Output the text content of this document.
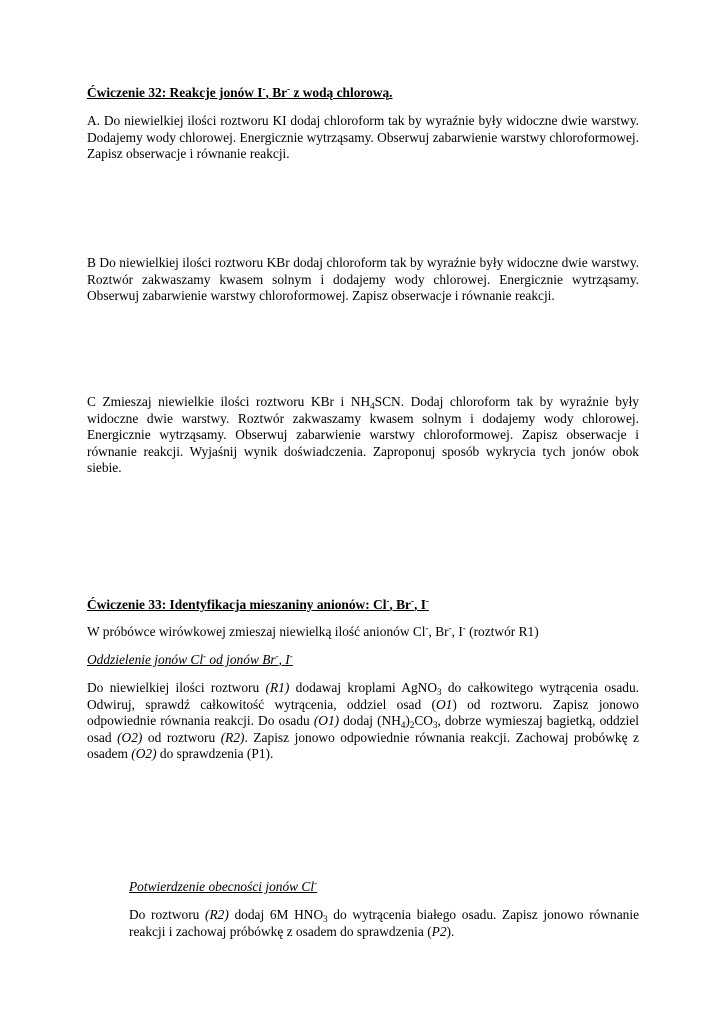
Ćwiczenie 32: Reakcje jonów I-, Br- z wodą chlorową.

A. Do niewielkiej ilości roztworu KI dodaj chloroform tak by wyraźnie były widoczne dwie warstwy. Dodajemy wody chlorowej. Energicznie wytrząsamy. Obserwuj zabarwienie warstwy chloroformowej. Zapisz obserwacje i równanie reakcji.

B Do niewielkiej ilości roztworu KBr dodaj chloroform tak by wyraźnie były widoczne dwie warstwy. Roztwór zakwaszamy kwasem solnym i dodajemy wody chlorowej. Energicznie wytrząsamy. Obserwuj zabarwienie warstwy chloroformowej. Zapisz obserwacje i równanie reakcji.

C Zmieszaj niewielkie ilości roztworu KBr i $NH_4SCN$. Dodaj chloroform tak by wyraźnie były widoczne dwie warstwy. Roztwór zakwaszamy kwasem solnym i dodajemy wody chlorowej. Energicznie wytrząsamy. Obserwuj zabarwienie warstwy chloroformowej. Zapisz obserwacje i równanie reakcji. Wyjaśnij wynik doświadczenia. Zaproponuj sposób wykrycia tych jonów obok siebie.

Ćwiczenie 33: Identyfikacja mieszaniny anionów: Cl-, Br-, I-

W próbówce wirówkowej zmieszaj niewielką ilość anionów Cl-, Br-, I- (roztwór R1)

Oddzielenie jonów Cl- od jonów Br-, I-

Do niewielkiej ilości roztworu (R1) dodawaj kroplami AgNO$_3$ do całkowitego wytrącenia osadu. Odwiruj, sprawdź całkowitość wytrącenia, oddziel osad (O1) od roztworu. Zapisz jonowo odpowiednie równania reakcji. Do osadu (O1) dodaj $(NH_4)_2CO_3$, dobrze wymieszaj bagietką, oddziel osad (O2) od roztworu (R2). Zapisz jonowo odpowiednie równania reakcji. Zachowaj probówkę z osadem (O2) do sprawdzenia (P1).

Potwierdzenie obecności jonów Cl-

Do roztworu (R2) dodaj 6M $HNO_3$ do wytrącenia białego osadu. Zapisz jonowo równanie reakcji i zachowaj próbówkę z osadem do sprawdzenia (P2).
